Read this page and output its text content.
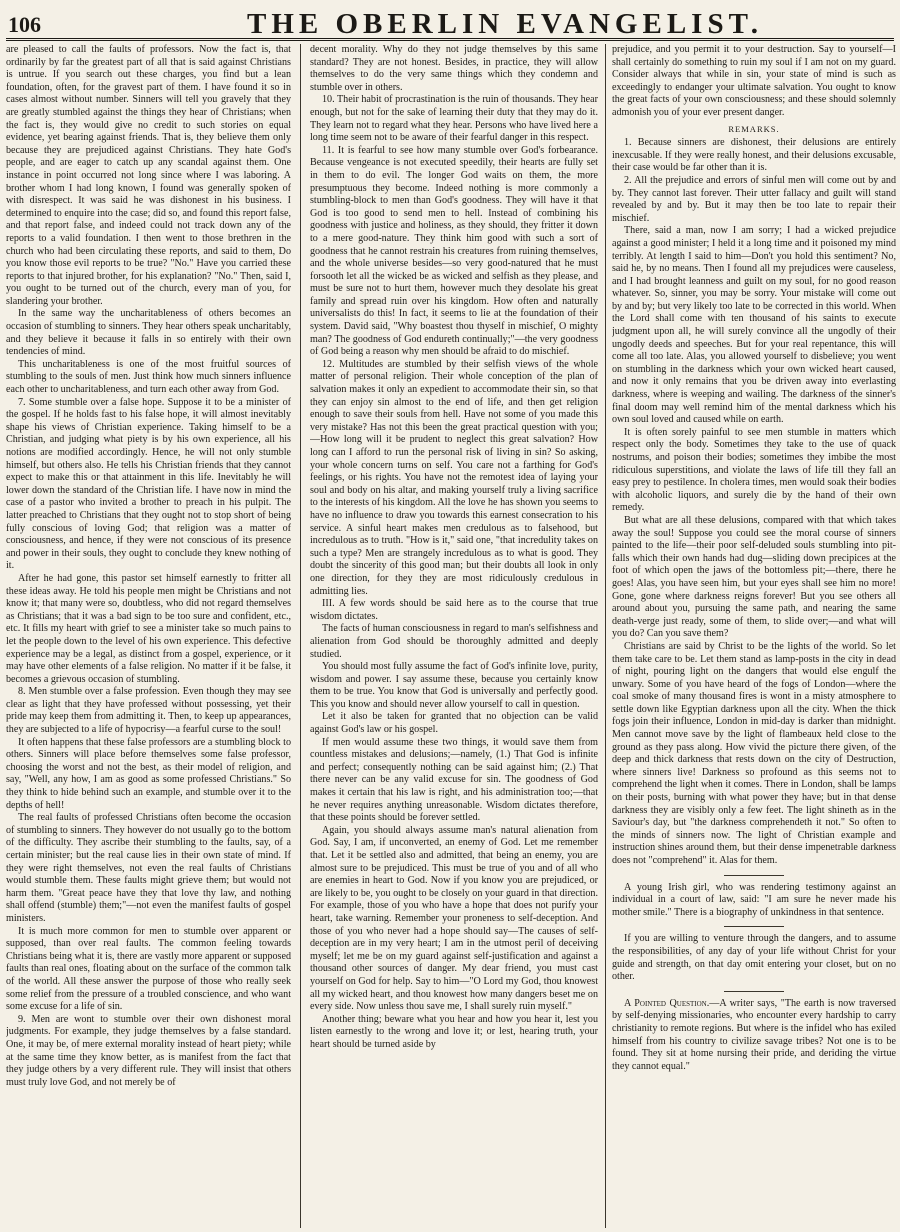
106	THE OBERLIN EVANGELIST.

are pleased to call the faults of professors. Now the fact is, that ordinarily by far the greatest part of all that is said against Christians is untrue. If you search out these charges, you find but a lean foundation, often, for the gravest part of them. I have found it so in cases almost without number. Sinners will tell you gravely that they are greatly stumbled against the things they hear of Christians; when the fact is, they would give no credit to such stories on equal evidence, yet bearing against friends. That is, they believe them only because they are prejudiced against Christians. They hate God's people, and are eager to catch up any scandal against them. One instance in point occurred not long since where I was laboring. A brother whom I had long known, I found was generally spoken of with disrespect. It was said he was dishonest in his business. I determined to enquire into the case; did so, and found this report false, and that report false, and indeed could not track down any of the reports to a valid foundation. I then went to those brethren in the church who had been circulating these reports, and said to them, Do you know those evil reports to be true? "No." Have you carried these reports to that injured brother, for his explanation? "No." Then, said I, you ought to be turned out of the church, every man of you, for slandering your brother.

In the same way the uncharitableness of others becomes an occasion of stumbling to sinners. They hear others speak uncharitably, and they believe it because it falls in so entirely with their own tendencies of mind.

This uncharitableness is one of the most fruitful sources of stumbling to the souls of men. Just think how much sinners influence each other to uncharitableness, and turn each other away from God.

7. Some stumble over a false hope. Suppose it to be a minister of the gospel. If he holds fast to his false hope, it will almost inevitably shape his views of Christian experience. Taking himself to be a Christian, and judging what piety is by his own experience, all his notions are modified accordingly. Hence, he will not only stumble himself, but others also. He tells his Christian friends that they cannot expect to make this or that attainment in this life. Inevitably he will lower down the standard of the Christian life. I have now in mind the case of a pastor who invited a brother to preach in his pulpit. The latter preached to Christians that they ought not to stop short of being fully conscious of loving God; that religion was a matter of consciousness, and hence, if they were not conscious of its presence and power in their souls, they ought to conclude they knew nothing of it.

After he had gone, this pastor set himself earnestly to fritter all these ideas away. He told his people men might be Christians and not know it; that many were so, doubtless, who did not regard themselves as Christians; that it was a bad sign to be too sure and confident, etc., etc. It fills my heart with grief to see a minister take so much pains to let the people down to the level of his own experience. This defective experience may be a legal, as distinct from a gospel, experience, or it may have other elements of a false religion. No matter if it be false, it becomes a grievous occasion of stumbling.

8. Men stumble over a false profession. Even though they may see clear as light that they have professed without possessing, yet their pride may keep them from admitting it. Then, to keep up appearances, they are subjected to a life of hypocrisy—a fearful curse to the soul!

It often happens that these false professors are a stumbling block to others. Sinners will place before themselves some false professor, choosing the worst and not the best, as their model of religion, and say, "Well, any how, I am as good as some professed Christians." So they think to hide behind such an example, and stumble over it to the depths of hell!

The real faults of professed Christians often become the occasion of stumbling to sinners. They however do not usually go to the bottom of the difficulty. They ascribe their stumbling to the faults, say, of a certain minister; but the real cause lies in their own state of mind. If they were right themselves, not even the real faults of Christians would stumble them. These faults might grieve them; but would not harm them. "Great peace have they that love thy law, and nothing shall offend (stumble) them;"—not even the manifest faults of gospel ministers.

It is much more common for men to stumble over apparent or supposed, than over real faults. The common feeling towards Christians being what it is, there are vastly more apparent or supposed faults than real ones, floating about on the surface of the common talk of the world. All these answer the purpose of those who really seek some relief from the pressure of a troubled conscience, and who want some excuse for a life of sin.

9. Men are wont to stumble over their own dishonest moral judgments. For example, they judge themselves by a false standard. One, it may be, of mere external morality instead of heart piety; while at the same time they know better, as is manifest from the fact that they judge others by a very different rule. They will insist that others must truly love God, and not merely be of

decent morality. Why do they not judge themselves by this same standard? They are not honest. Besides, in practice, they will allow themselves to do the very same things which they condemn and stumble over in others.

10. Their habit of procrastination is the ruin of thousands. They hear enough, but not for the sake of learning their duty that they may do it. They learn not to regard what they hear. Persons who have lived here a long time seem not to be aware of their fearful danger in this respect.

11. It is fearful to see how many stumble over God's forbearance. Because vengeance is not executed speedily, their hearts are fully set in them to do evil. The longer God waits on them, the more presumptuous they become. Indeed nothing is more commonly a stumbling-block to men than God's goodness. They will have it that God is too good to send men to hell. Instead of combining his goodness with justice and holiness, as they should, they fritter it down to a mere good-nature. They think him good with such a sort of goodness that he cannot restrain his creatures from ruining themselves, and the whole universe besides—so very good-natured that he must forsooth let all the wicked be as wicked and selfish as they please, and must be sure not to hurt them, however much they desolate his great family and spread ruin over his kingdom. How often and naturally universalists do this! In fact, it seems to lie at the foundation of their system. David said, "Why boastest thou thyself in mischief, O mighty man? The goodness of God endureth continually;"—the very goodness of God being a reason why men should be afraid to do mischief.

12. Multitudes are stumbled by their selfish views of the whole matter of personal religion. Their whole conception of the plan of salvation makes it only an expedient to accommodate their sin, so that they can enjoy sin almost to the end of life, and then get religion enough to save their souls from hell. Have not some of you made this very mistake? Has not this been the great practical question with you;—How long will it be prudent to neglect this great salvation? How long can I afford to run the personal risk of living in sin? So asking, your whole concern turns on self. You care not a farthing for God's feelings, or his rights. You have not the remotest idea of laying your soul and body on his altar, and making yourself truly a living sacrifice to the interests of his kingdom. All the love he has shown you seems to have no influence to draw you towards this earnest consecration to his service. A sinful heart makes men credulous as to falsehood, but incredulous as to truth. "How is it," said one, "that incredulity takes on such a type? Men are strangely incredulous as to what is good. They doubt the sincerity of this good man; but their doubts all look in only one direction, for they they are most ridiculously credulous in admitting lies.

III. A few words should be said here as to the course that true wisdom dictates.

The facts of human consciousness in regard to man's selfishness and alienation from God should be thoroughly admitted and deeply studied.

You should most fully assume the fact of God's infinite love, purity, wisdom and power. I say assume these, because you certainly know them to be true. You know that God is universally and perfectly good. This you know and should never allow yourself to call in question.

Let it also be taken for granted that no objection can be valid against God's law or his gospel.

If men would assume these two things, it would save them from countless mistakes and delusions;—namely, (1.) That God is infinite and perfect; consequently nothing can be said against him; (2.) That there never can be any valid excuse for sin. The goodness of God makes it certain that his law is right, and his administration too;—that he never requires anything unreasonable. Wisdom dictates therefore, that these points should be forever settled.

Again, you should always assume man's natural alienation from God. Say, I am, if unconverted, an enemy of God. Let me remember that. Let it be settled also and admitted, that being an enemy, you are almost sure to be prejudiced. This must be true of you and of all who are enemies in heart to God. Now if you know you are prejudiced, or are likely to be, you ought to be closely on your guard in that direction. For example, those of you who have a hope that does not purify your heart, take warning. Remember your proneness to self-deception. And those of you who never had a hope should say—The causes of self-deception are in my very heart; I am in the utmost peril of deceiving myself; let me be on my guard against self-justification and against a thousand other sources of danger. My dear friend, you must cast yourself on God for help. Say to him—"O Lord my God, thou knowest all my wicked heart, and thou knowest how many dangers beset me on every side. Now unless thou save me, I shall surely ruin myself."

Another thing; beware what you hear and how you hear it, lest you listen earnestly to the wrong and love it; or lest, hearing truth, your heart should be turned aside by

prejudice, and you permit it to your destruction. Say to yourself—I shall certainly do something to ruin my soul if I am not on my guard. Consider always that while in sin, your state of mind is such as exceedingly to endanger your ultimate salvation. You ought to know the great facts of your own consciousness; and these should solemnly admonish you of your ever present danger.

REMARKS.

1. Because sinners are dishonest, their delusions are entirely inexcusable. If they were really honest, and their delusions excusable, their case would be far other than it is.

2. All the prejudice and errors of sinful men will come out by and by. They cannot last forever. Their utter fallacy and guilt will stand revealed by and by. But it may then be too late to repair their mischief.

There, said a man, now I am sorry; I had a wicked prejudice against a good minister; I held it a long time and it poisoned my mind terribly. At length I said to him—Don't you hold this sentiment? No, said he, by no means. Then I found all my prejudices were causeless, and I had brought leanness and guilt on my soul, for no good reason whatever. So, sinner, you may be sorry. Your mistake will come out by and by; but very likely too late to be corrected in this world. When the Lord shall come with ten thousand of his saints to execute judgment upon all, he will surely convince all the ungodly of their ungodly deeds and speeches. But for your real repentance, this will come all too late. Alas, you allowed yourself to disbelieve; you went on stumbling in the darkness which your own wicked heart caused, and now it only remains that you be driven away into everlasting darkness, where is weeping and wailing. The darkness of the sinner's final doom may well remind him of the mental darkness which his own soul loved and caused while on earth.

It is often sorely painful to see men stumble in matters which respect only the body. Sometimes they take to the use of quack nostrums, and poison their bodies; sometimes they imbibe the most ridiculous superstitions, and violate the laws of life till they fall an easy prey to pestilence. In cholera times, men would soak their bodies with alcoholic liquors, and surely die by the hand of their own remedy.

But what are all these delusions, compared with that which takes away the soul! Suppose you could see the moral course of sinners painted to the life—their poor self-deluded souls stumbling into pit-falls which their own hands had dug—sliding down precipices at the foot of which open the jaws of the bottomless pit;—there, there he goes! Alas, you have seen him, but your eyes shall see him no more! Gone, gone where darkness reigns forever! But you see others all around about you, pursuing the same path, and nearing the same death-verge just ready, some of them, to slide over;—and what will you do? Can you save them?

Christians are said by Christ to be the lights of the world. So let them take care to be. Let them stand as lamp-posts in the city in dead of night, pouring light on the dangers that would else engulf the unwary. Some of you have heard of the fogs of London—where the coal smoke of many thousand fires is wont in a misty atmosphere to settle down like Egyptian darkness upon all the city. When the thick fogs join their influence, London in mid-day is darker than midnight. Men cannot move save by the light of flambeaux held close to the ground as they pass along. How vivid the picture there given, of the deep and thick darkness that rests down on the city of Destruction, where sinners live! Darkness so profound as this seems not to comprehend the light when it comes. There in London, shall be lamps on their posts, burning with what power they have; but in that dense darkness they are visibly only a few feet. The light shineth as in the Saviour's day, but "the darkness comprehendeth it not." So often to the minds of sinners now. The light of Christian example and instruction shines around them, but their dense impenetrable darkness does not "comprehend" it. Alas for them.

A young Irish girl, who was rendering testimony against an individual in a court of law, said: "I am sure he never made his mother smile." There is a biography of unkindness in that sentence.

If you are willing to venture through the dangers, and to assume the responsibilities, of any day of your life without Christ for your guide and strength, on that day omit entering your closet, but on no other.

A Pointed Question.—A writer says, "The earth is now traversed by self-denying missionaries, who encounter every hardship to carry christianity to remote regions. But where is the infidel who has exiled himself from his country to civilize savage tribes? Not one is to be found. They sit at home nursing their pride, and deriding the virtue they cannot equal."
